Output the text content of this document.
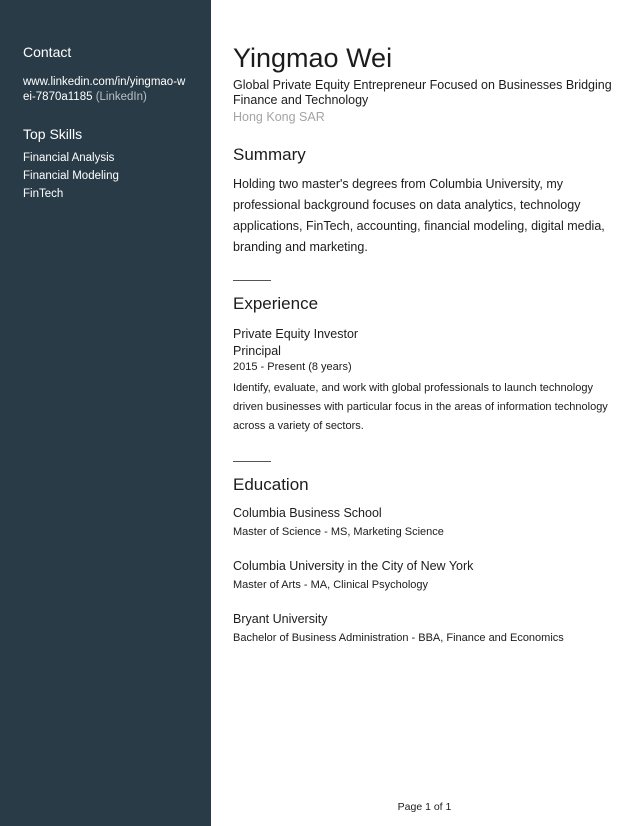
Contact
www.linkedin.com/in/yingmao-wei-7870a1185 (LinkedIn)
Top Skills
Financial Analysis
Financial Modeling
FinTech
Yingmao Wei
Global Private Equity Entrepreneur Focused on Businesses Bridging Finance and Technology
Hong Kong SAR
Summary
Holding two master's degrees from Columbia University, my professional background focuses on data analytics, technology applications, FinTech, accounting, financial modeling, digital media, branding and marketing.
Experience
Private Equity Investor
Principal
2015 - Present (8 years)
Identify, evaluate, and work with global professionals to launch technology driven businesses with particular focus in the areas of information technology across a variety of sectors.
Education
Columbia Business School
Master of Science - MS, Marketing Science
Columbia University in the City of New York
Master of Arts - MA, Clinical Psychology
Bryant University
Bachelor of Business Administration - BBA, Finance and Economics
Page 1 of 1
